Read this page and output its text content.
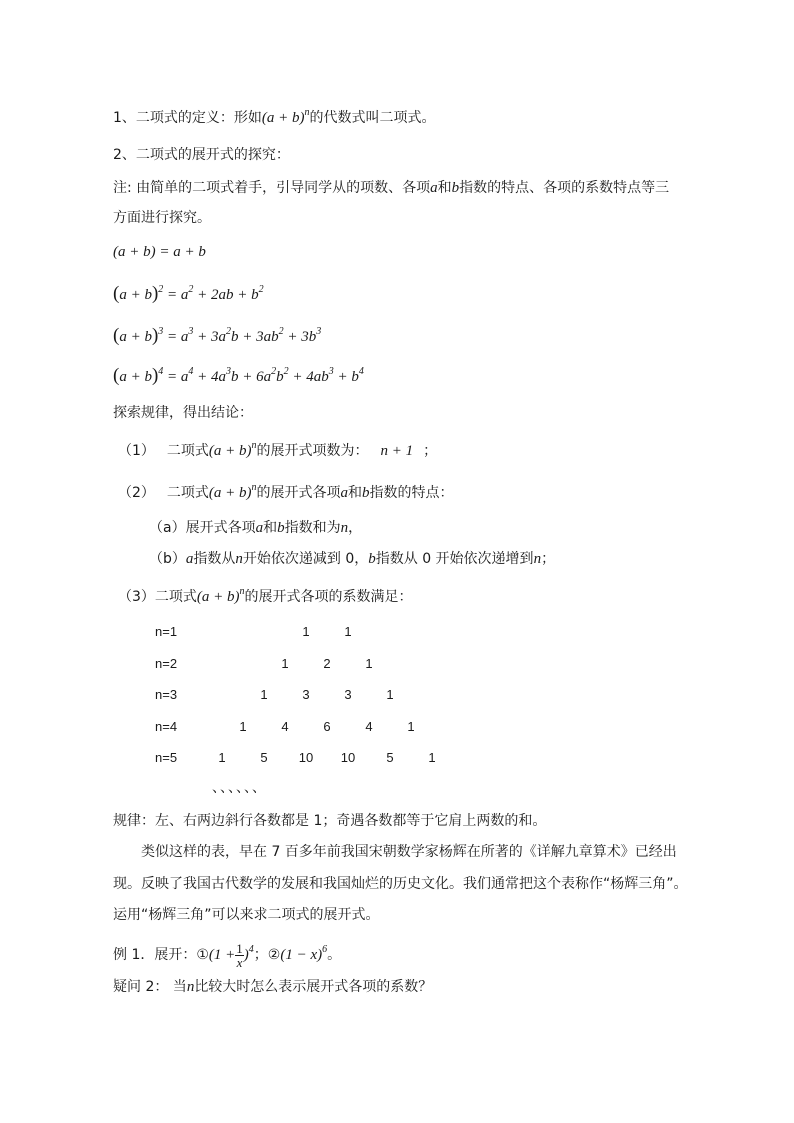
1、二项式的定义：形如$(a + b)^n$的代数式叫二项式。
2、二项式的展开式的探究：
注: 由简单的二项式着手，引导同学从的项数、各项a和b指数的特点、各项的系数特点等三
方面进行探究。
(a + b) = a + b
$(a + b)^2 = a^2 + 2ab + b^2$
$(a + b)^3 = a^3 + 3a^2b + 3ab^2 + 3b^3$
$(a + b)^4 = a^4 + 4a^3b + 6a^2b^2 + 4ab^3 + b^4$
探索规律，得出结论：
（1） 二项式$(a + b)^n$的展开式项数为： n + 1 ；
（2） 二项式$(a + b)^n$的展开式各项a和b指数的特点：
（a）展开式各项a和b指数和为n，
（b）a指数从n开始依次递减到 0，b指数从 0 开始依次递增到n；
（3）二项式$(a + b)^n$的展开式各项的系数满足：
n=1	1	1
n=2	1	2	1
n=3	1	3	3	1
n=4	1	4	6	4	1
n=5	1	5 10 10 5	1
、、、、、、
规律：左、右两边斜行各数都是 1；奇遇各数都等于它肩上两数的和。
类似这样的表，早在 7 百多年前我国宋朝数学家杨辉在所著的《详解九章算术》已经出
现。反映了我国古代数学的发展和我国灿烂的历史文化。我们通常把这个表称作“杨辉三角”。
运用“杨辉三角”可以来求二项式的展开式。
例 1．展开：①(1 + $\frac{1}{x} )^4$；②(1 − x)$^6$。
疑问 2： 当n比较大时怎么表示展开式各项的系数？
